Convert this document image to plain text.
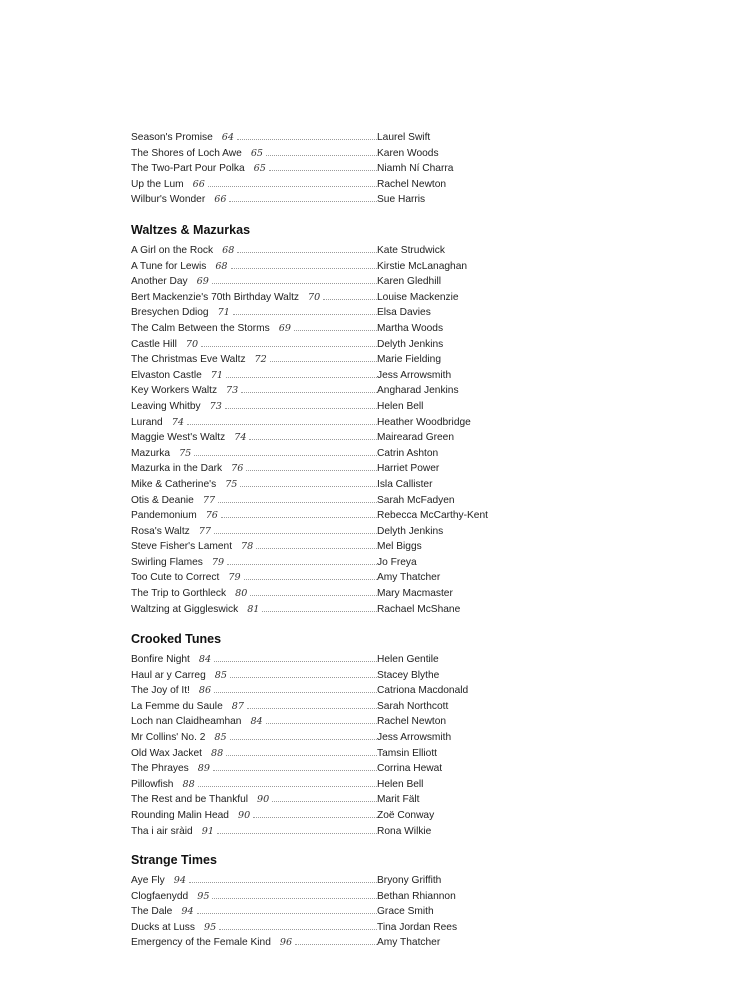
Season's Promise 64	Laurel Swift
The Shores of Loch Awe 65	Karen Woods
The Two-Part Pour Polka 65	Niamh Ní Charra
Up the Lum 66	Rachel Newton
Wilbur's Wonder 66	Sue Harris
Waltzes & Mazurkas
A Girl on the Rock 68	Kate Strudwick
A Tune for Lewis 68	Kirstie McLanaghan
Another Day 69	Karen Gledhill
Bert Mackenzie's 70th Birthday Waltz 70	Louise Mackenzie
Bresychen Ddiog 71	Elsa Davies
The Calm Between the Storms 69	Martha Woods
Castle Hill 70	Delyth Jenkins
The Christmas Eve Waltz 72	Marie Fielding
Elvaston Castle 71	Jess Arrowsmith
Key Workers Waltz 73	Angharad Jenkins
Leaving Whitby 73	Helen Bell
Lurand 74	Heather Woodbridge
Maggie West's Waltz 74	Mairearad Green
Mazurka 75	Catrin Ashton
Mazurka in the Dark 76	Harriet Power
Mike & Catherine's 75	Isla Callister
Otis & Deanie 77	Sarah McFadyen
Pandemonium 76	Rebecca McCarthy-Kent
Rosa's Waltz 77	Delyth Jenkins
Steve Fisher's Lament 78	Mel Biggs
Swirling Flames 79	Jo Freya
Too Cute to Correct 79	Amy Thatcher
The Trip to Gorthleck 80	Mary Macmaster
Waltzing at Giggleswick 81	Rachael McShane
Crooked Tunes
Bonfire Night 84	Helen Gentile
Haul ar y Carreg 85	Stacey Blythe
The Joy of It! 86	Catriona Macdonald
La Femme du Saule 87	Sarah Northcott
Loch nan Claidheamhan 84	Rachel Newton
Mr Collins' No. 2 85	Jess Arrowsmith
Old Wax Jacket 88	Tamsin Elliott
The Phrayes 89	Corrina Hewat
Pillowfish 88	Helen Bell
The Rest and be Thankful 90	Marit Fält
Rounding Malin Head 90	Zoë Conway
Tha i air sràid 91	Rona Wilkie
Strange Times
Aye Fly 94	Bryony Griffith
Clogfaenydd 95	Bethan Rhiannon
The Dale 94	Grace Smith
Ducks at Luss 95	Tina Jordan Rees
Emergency of the Female Kind 96	Amy Thatcher
